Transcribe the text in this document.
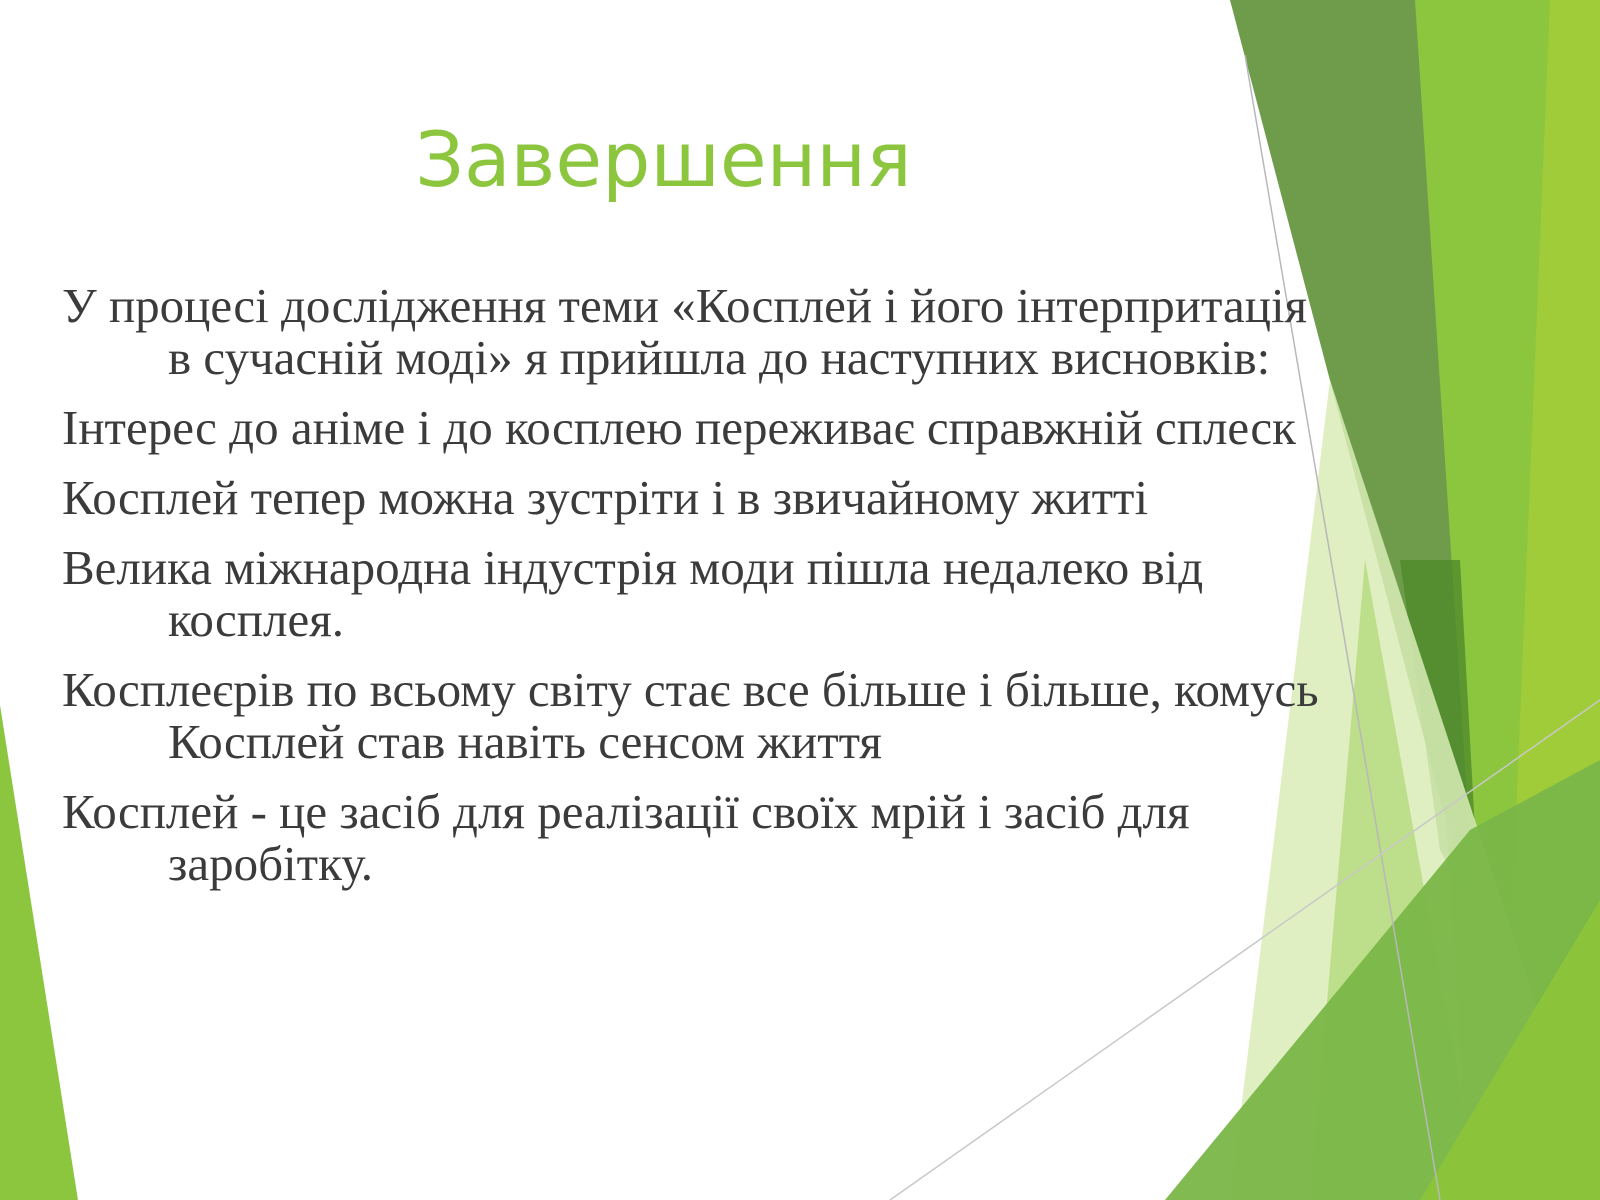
Завершення
У процесі дослідження теми «Косплей і його інтерпритація в сучасній моді» я прийшла до наступних висновків:
Інтерес до аніме і до косплею переживає справжній сплеск
Косплей тепер можна зустріти і в звичайному житті
Велика міжнародна індустрія моди пішла недалеко від косплея.
Косплеєрів по всьому світу стає все більше і більше, комусь Косплей став навіть сенсом життя
Косплей - це засіб для реалізації своїх мрій і засіб для заробітку.
